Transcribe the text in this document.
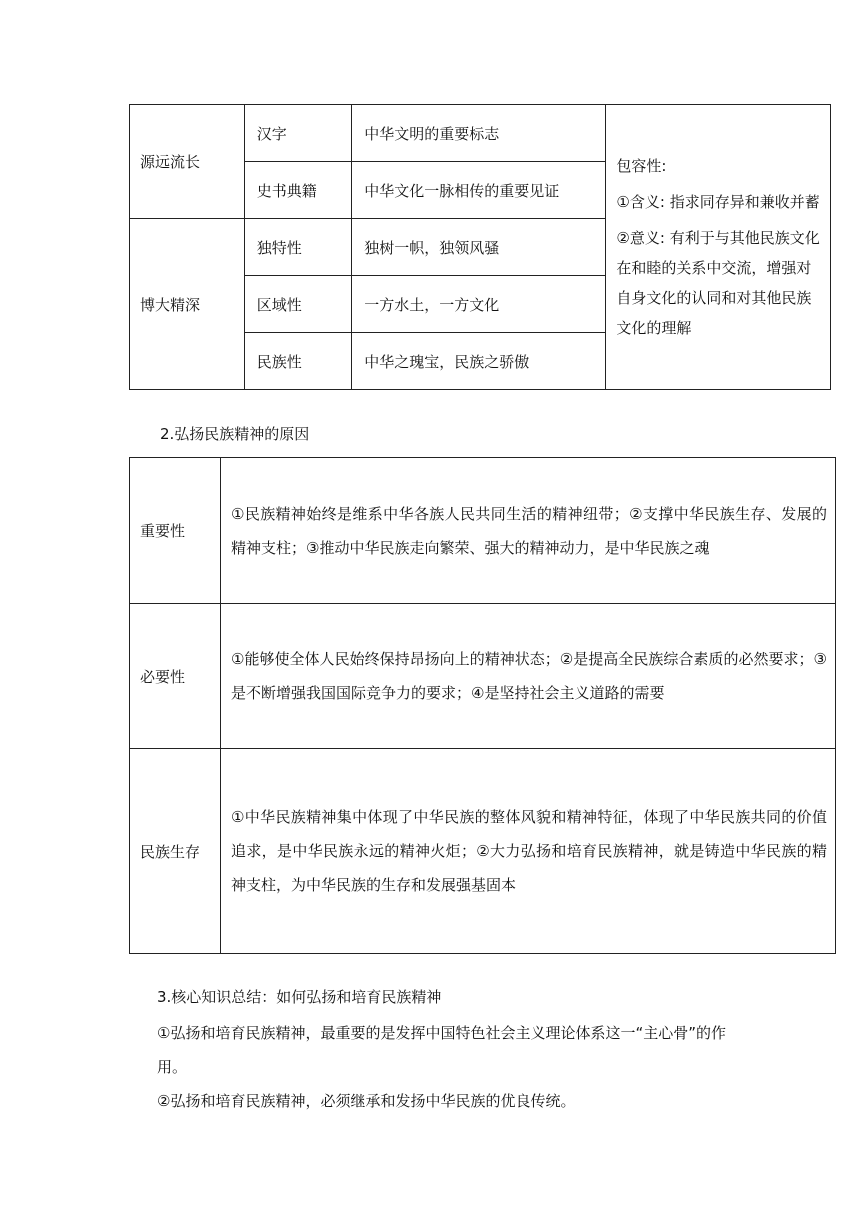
源远流长	汉字	中华文明的重要标志	包容性:

①含义: 指求同存异和兼收并蓄

②意义: 有利于与其他民族文化在和睦的关系中交流，增强对自身文化的认同和对其他民族文化的理解

	史书典籍	中华文化一脉相传的重要见证	
博大精深	独特性	独树一帜，独领风骚	
	区域性	一方水土，一方文化	
	民族性	中华之瑰宝，民族之骄傲	
2.弘扬民族精神的原因
重要性	①民族精神始终是维系中华各族人民共同生活的精神纽带；②支撑中华民族生存、发展的精神支柱；③推动中华民族走向繁荣、强大的精神动力，是中华民族之魂
必要性	①能够使全体人民始终保持昂扬向上的精神状态；②是提高全民族综合素质的必然要求；③是不断增强我国国际竞争力的要求；④是坚持社会主义道路的需要
民族生存	①中华民族精神集中体现了中华民族的整体风貌和精神特征，体现了中华民族共同的价值追求，是中华民族永远的精神火炬；②大力弘扬和培育民族精神，就是铸造中华民族的精神支柱，为中华民族的生存和发展强基固本
3.核心知识总结：如何弘扬和培育民族精神
①弘扬和培育民族精神，最重要的是发挥中国特色社会主义理论体系这一“主心骨”的作
用。
②弘扬和培育民族精神，必须继承和发扬中华民族的优良传统。
